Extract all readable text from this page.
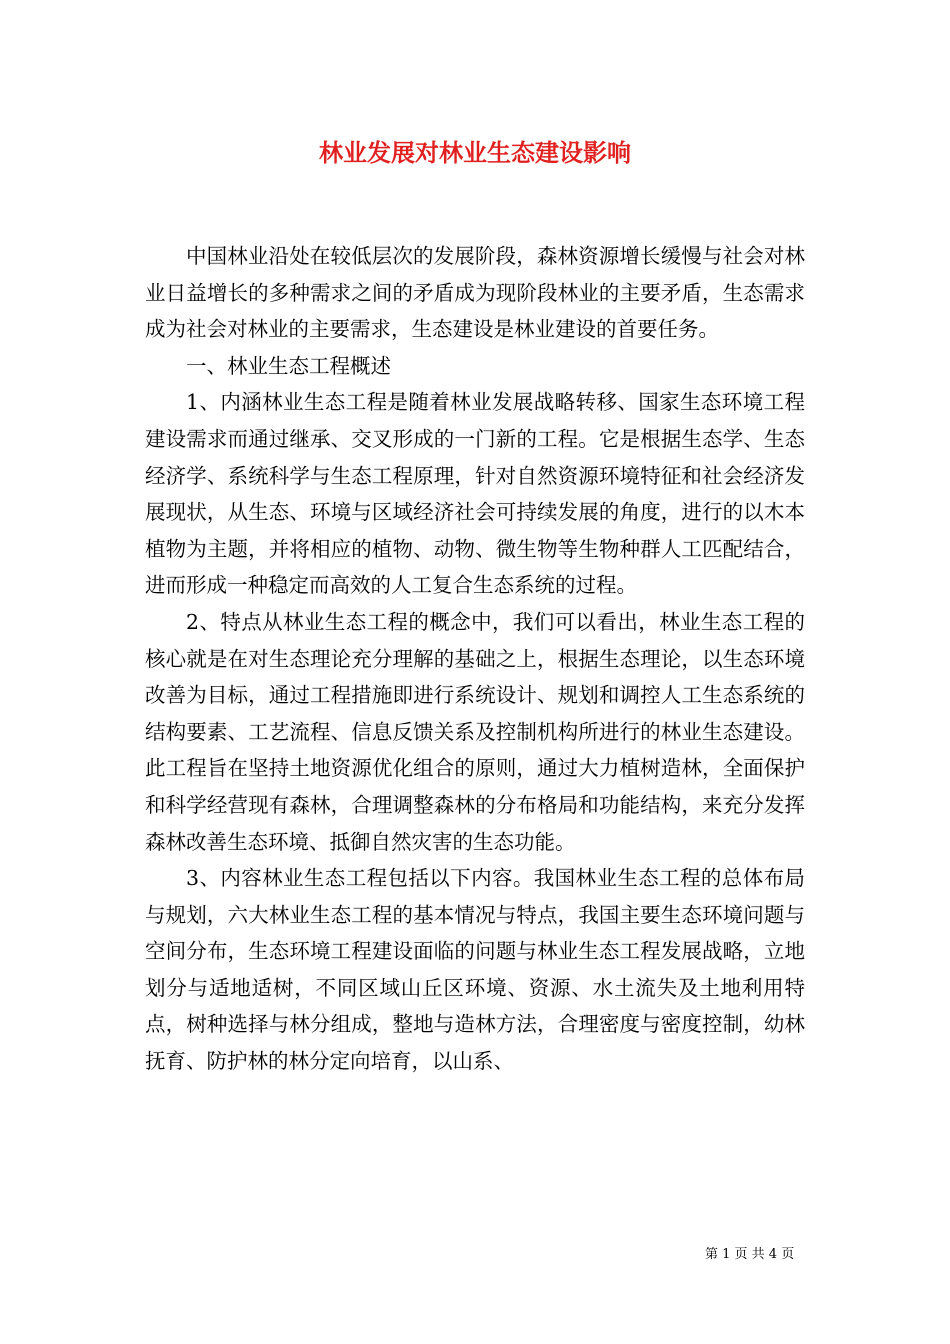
林业发展对林业生态建设影响

中国林业沿处在较低层次的发展阶段，森林资源增长缓慢与社会对林业日益增长的多种需求之间的矛盾成为现阶段林业的主要矛盾，生态需求成为社会对林业的主要需求，生态建设是林业建设的首要任务。

一、林业生态工程概述

1、内涵林业生态工程是随着林业发展战略转移、国家生态环境工程建设需求而通过继承、交叉形成的一门新的工程。它是根据生态学、生态经济学、系统科学与生态工程原理，针对自然资源环境特征和社会经济发展现状，从生态、环境与区域经济社会可持续发展的角度，进行的以木本植物为主题，并将相应的植物、动物、微生物等生物种群人工匹配结合，进而形成一种稳定而高效的人工复合生态系统的过程。

2、特点从林业生态工程的概念中，我们可以看出，林业生态工程的核心就是在对生态理论充分理解的基础之上，根据生态理论，以生态环境改善为目标，通过工程措施即进行系统设计、规划和调控人工生态系统的结构要素、工艺流程、信息反馈关系及控制机构所进行的林业生态建设。此工程旨在坚持土地资源优化组合的原则，通过大力植树造林，全面保护和科学经营现有森林，合理调整森林的分布格局和功能结构，来充分发挥森林改善生态环境、抵御自然灾害的生态功能。

3、内容林业生态工程包括以下内容。我国林业生态工程的总体布局与规划，六大林业生态工程的基本情况与特点，我国主要生态环境问题与空间分布，生态环境工程建设面临的问题与林业生态工程发展战略，立地划分与适地适树，不同区域山丘区环境、资源、水土流失及土地利用特点，树种选择与林分组成，整地与造林方法，合理密度与密度控制，幼林抚育、防护林的林分定向培育，以山系、

第 1 页 共 4 页
